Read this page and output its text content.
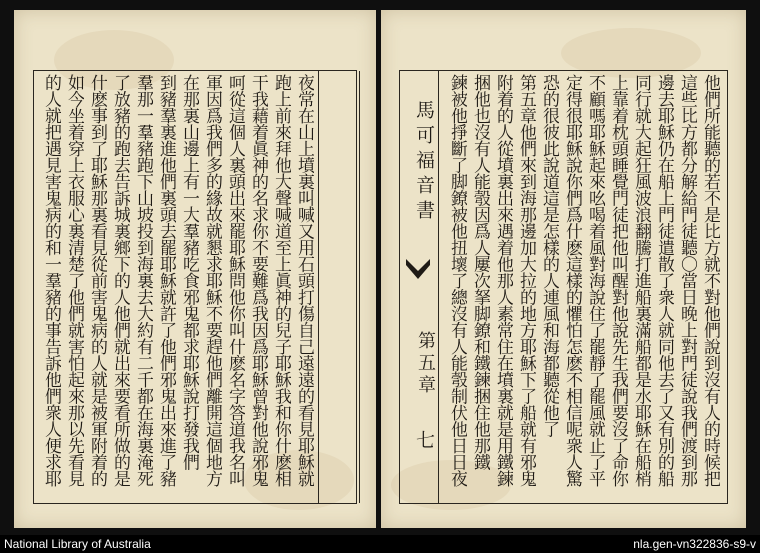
夜常在山上墳裏叫喊又用石頭打傷自己遠遠的看見耶穌就
跑上前來拜他大聲喊道至上眞神的兒子耶穌我和你什麽相
干我藉着眞神的名求你不要難爲我因爲耶穌曾對他說邪鬼
呵從這個人裏頭出來罷耶穌問他你叫什麽名字答道我名叫
軍因爲我們多的緣故就懇求耶穌不要趕他們離開這個地方
在那裏山邊上有一大羣豬吃食邪鬼都求耶穌說打發我們
到豬羣裏進他們裏頭去罷耶穌就許了他們邪鬼出來進了豬
羣那一羣豬跑下山坡投到海裏去大約有二千都在海裏淹死
了放豬的跑去告訴城裏鄉下的人他們就出來要看所做的是
什麽事到了耶穌那裏看見從前害鬼病的人就是被軍附着的
如今坐着穿上衣服心裏清楚了他們就害怕起來那以先看見
的人就把遇見害鬼病的和一羣豬的事告訴他們衆人便求耶	馬可福音書
第五章
七	他們所能聽的若不是比方就不對他們說到沒有人的時候把
這些比方都分解給門徒聽〇當日晚上對門徒說我們渡到那
邊去耶穌仍在船上門徒遣散了衆人就同他去了又有別的船
同行就大起狂風波浪翻騰打進船裏滿船都是水耶穌在船梢
上靠着枕頭睡覺門徒把他叫醒對他說先生我們要沒了命你
不顧嗎耶穌起來吆喝着風對海說住了罷靜了罷風就止了平
定得很耶穌說你們爲什麽這樣的懼怕怎麽不相信呢衆人驚
恐的很彼此說道這是怎樣的人連風和海都聽從他了
第五章他們來到海那邊加大拉的地方耶穌下了船就有邪鬼
附着的人從墳裏出來遇着他那人素常住在墳裏就是用鐵鍊
捆他也沒有人能彀因爲人屢次拏脚鐐和鐵鍊捆住他那鐵
鍊被他掙斷了脚鐐被他扭壞了總沒有人能彀制伏他日日夜
National Library of Australia	nla.gen-vn322836-s9-v
